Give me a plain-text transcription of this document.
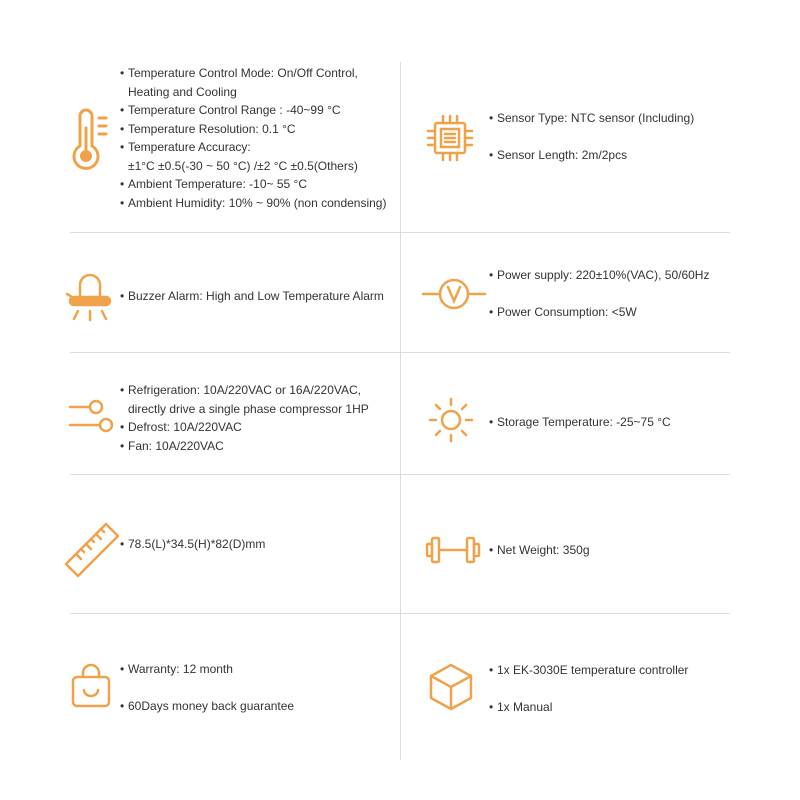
• Temperature Control Mode: On/Off Control,
Heating and Cooling
• Temperature Control Range : -40~99 °C
• Temperature Resolution: 0.1 °C
• Temperature Accuracy:
±1°C ±0.5(-30 ~ 50 °C) /±2 °C ±0.5(Others)
• Ambient Temperature: -10~ 55 °C
• Ambient Humidity: 10% ~ 90% (non condensing)
• Sensor Type: NTC sensor (Including)
• Sensor Length: 2m/2pcs
• Buzzer Alarm: High and Low Temperature Alarm
• Power supply: 220±10%(VAC), 50/60Hz
• Power Consumption: <5W
• Refrigeration: 10A/220VAC or 16A/220VAC,
directly drive a single phase compressor 1HP
• Defrost: 10A/220VAC
• Fan: 10A/220VAC
• Storage Temperature: -25~75 °C
• 78.5(L)*34.5(H)*82(D)mm
•	Net Weight: 350g
• Warranty: 12 month
• 60Days money back guarantee
• 1x EK-3030E temperature controller
• 1x Manual
